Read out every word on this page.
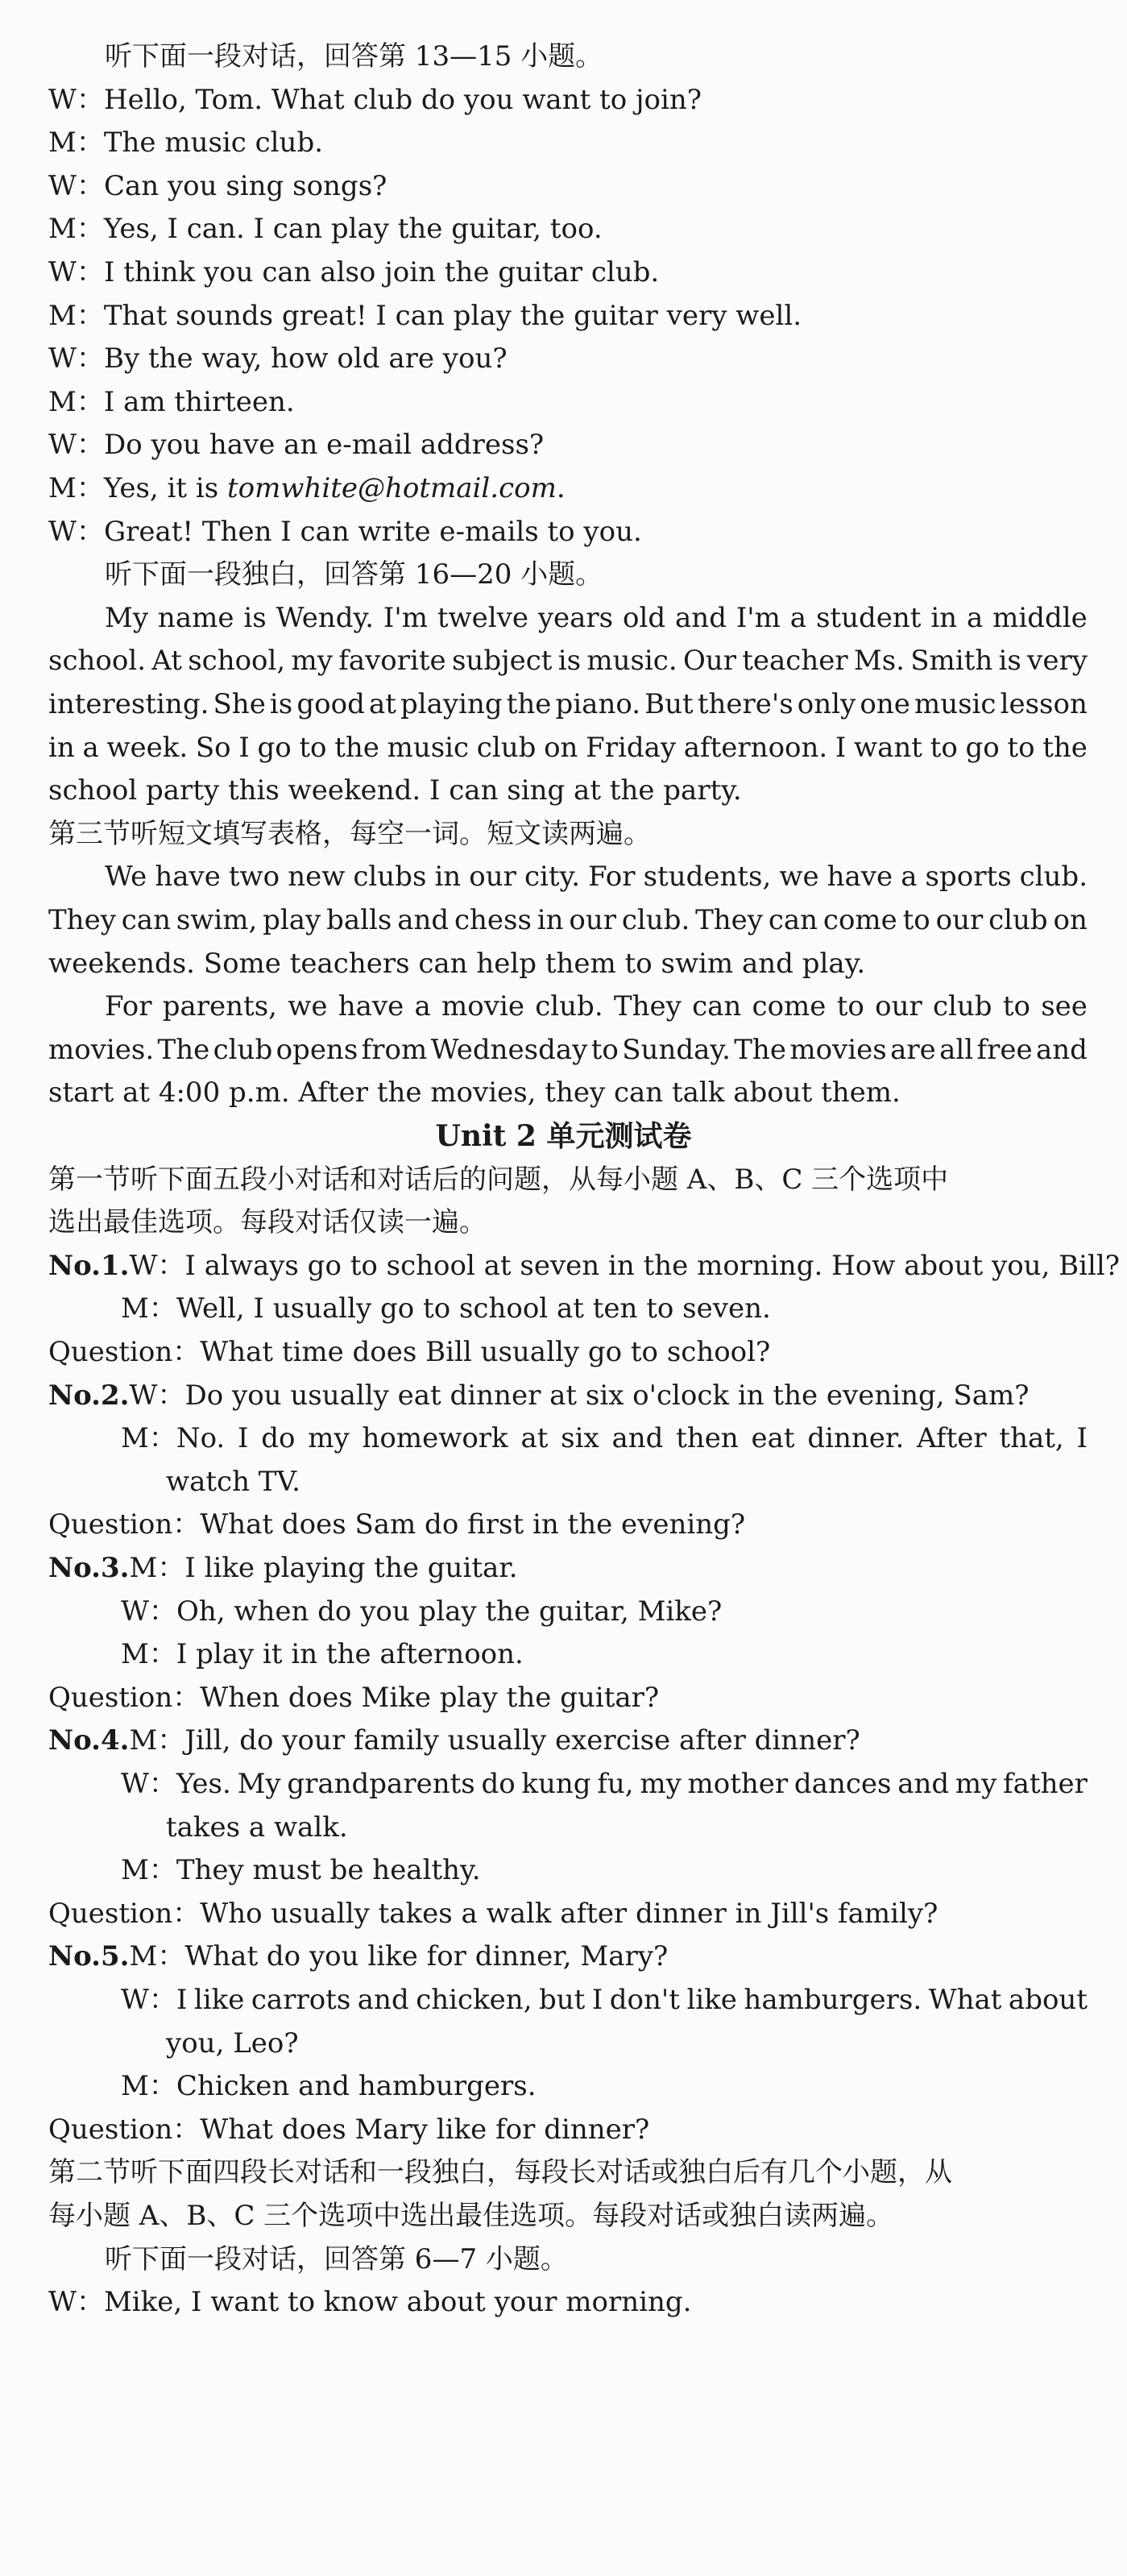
听下面一段对话，回答第 13—15 小题。
W：Hello, Tom. What club do you want to join?
M：The music club.
W：Can you sing songs?
M：Yes, I can. I can play the guitar, too.
W：I think you can also join the guitar club.
M：That sounds great! I can play the guitar very well.
W：By the way, how old are you?
M：I am thirteen.
W：Do you have an e-mail address?
M：Yes, it is tomwhite@hotmail.com.
W：Great! Then I can write e-mails to you.
听下面一段独白，回答第 16—20 小题。
My name is Wendy. I'm twelve years old and I'm a student in a middle
school. At school, my favorite subject is music. Our teacher Ms. Smith is very
interesting. She is good at playing the piano. But there's only one music lesson
in a week. So I go to the music club on Friday afternoon. I want to go to the
school party this weekend. I can sing at the party.
第三节听短文填写表格，每空一词。短文读两遍。
We have two new clubs in our city. For students, we have a sports club.
They can swim, play balls and chess in our club. They can come to our club on
weekends. Some teachers can help them to swim and play.
For parents, we have a movie club. They can come to our club to see
movies. The club opens from Wednesday to Sunday. The movies are all free and
start at 4:00 p.m. After the movies, they can talk about them.
Unit 2 单元测试卷
第一节听下面五段小对话和对话后的问题，从每小题 A、B、C 三个选项中
选出最佳选项。每段对话仅读一遍。
No.1.W：I always go to school at seven in the morning. How about you, Bill?
M：Well, I usually go to school at ten to seven.
Question：What time does Bill usually go to school?
No.2.W：Do you usually eat dinner at six o'clock in the evening, Sam?
M：No. I do my homework at six and then eat dinner. After that, I
watch TV.
Question：What does Sam do first in the evening?
No.3.M：I like playing the guitar.
W：Oh, when do you play the guitar, Mike?
M：I play it in the afternoon.
Question：When does Mike play the guitar?
No.4.M：Jill, do your family usually exercise after dinner?
W：Yes. My grandparents do kung fu, my mother dances and my father
takes a walk.
M：They must be healthy.
Question：Who usually takes a walk after dinner in Jill's family?
No.5.M：What do you like for dinner, Mary?
W：I like carrots and chicken, but I don't like hamburgers. What about
you, Leo?
M：Chicken and hamburgers.
Question：What does Mary like for dinner?
第二节听下面四段长对话和一段独白，每段长对话或独白后有几个小题，从
每小题 A、B、C 三个选项中选出最佳选项。每段对话或独白读两遍。
听下面一段对话，回答第 6—7 小题。
W：Mike, I want to know about your morning.
